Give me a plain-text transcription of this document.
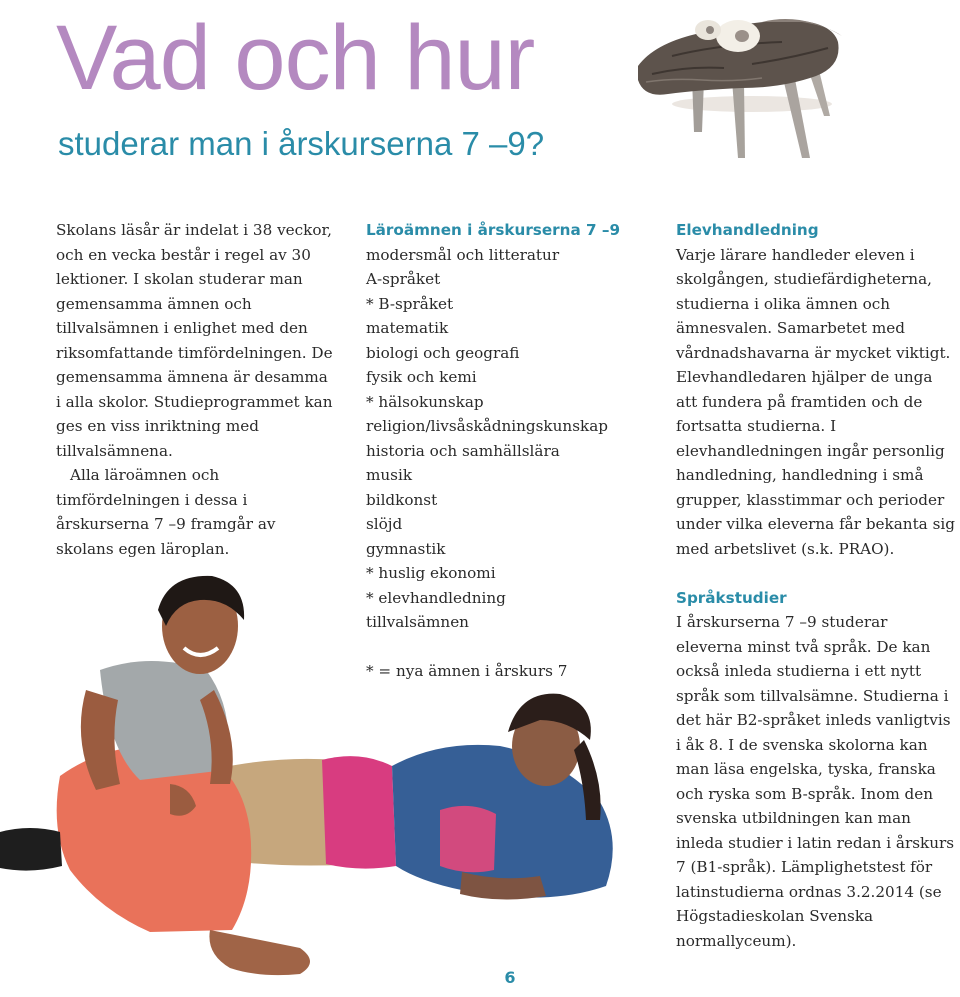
Vad och hur
studerar man i årskurserna 7 –9?

Skolans läsår är indelat i 38 veckor, och en vecka består i regel av 30 lektioner. I skolan studerar man gemensamma ämnen och tillvalsämnen i enlighet med den riksomfattande timfördelningen. De gemensamma ämnena är desamma i alla skolor. Studieprogrammet kan ges en viss inriktning med tillvalsämnena.

Alla läroämnen och timfördelningen i dessa i årskurserna 7 –9 framgår av skolans egen läroplan.

Läroämnen i årskurserna 7 –9
modersmål och litteratur
A-språket
* B-språket
matematik
biologi och geografi
fysik och kemi
* hälsokunskap
religion/livsåskådningskunskap
historia och samhällslära
musik
bildkonst
slöjd
gymnastik
* huslig ekonomi
* elevhandledning
tillvalsämnen

* = nya ämnen i årskurs 7

Elevhandledning

Varje lärare handleder eleven i skolgången, studiefärdigheterna, studierna i olika ämnen och ämnesvalen. Samarbetet med vårdnadshavarna är mycket viktigt. Elevhandledaren hjälper de unga att fundera på framtiden och de fortsatta studierna. I elevhandledningen ingår personlig handledning, handledning i små grupper, klasstimmar och perioder under vilka eleverna får bekanta sig med arbetslivet (s.k. PRAO).

Språkstudier

I årskurserna 7 –9 studerar eleverna minst två språk. De kan också inleda studierna i ett nytt språk som tillvalsämne. Studierna i det här B2-språket inleds vanligtvis i åk 8. I de svenska skolorna kan man läsa engelska, tyska, franska och ryska som B-språk. Inom den svenska utbildningen kan man inleda studier i latin redan i årskurs 7 (B1-språk). Lämplighetstest för latinstudierna ordnas 3.2.2014 (se Högstadieskolan Svenska normallyceum).

6
